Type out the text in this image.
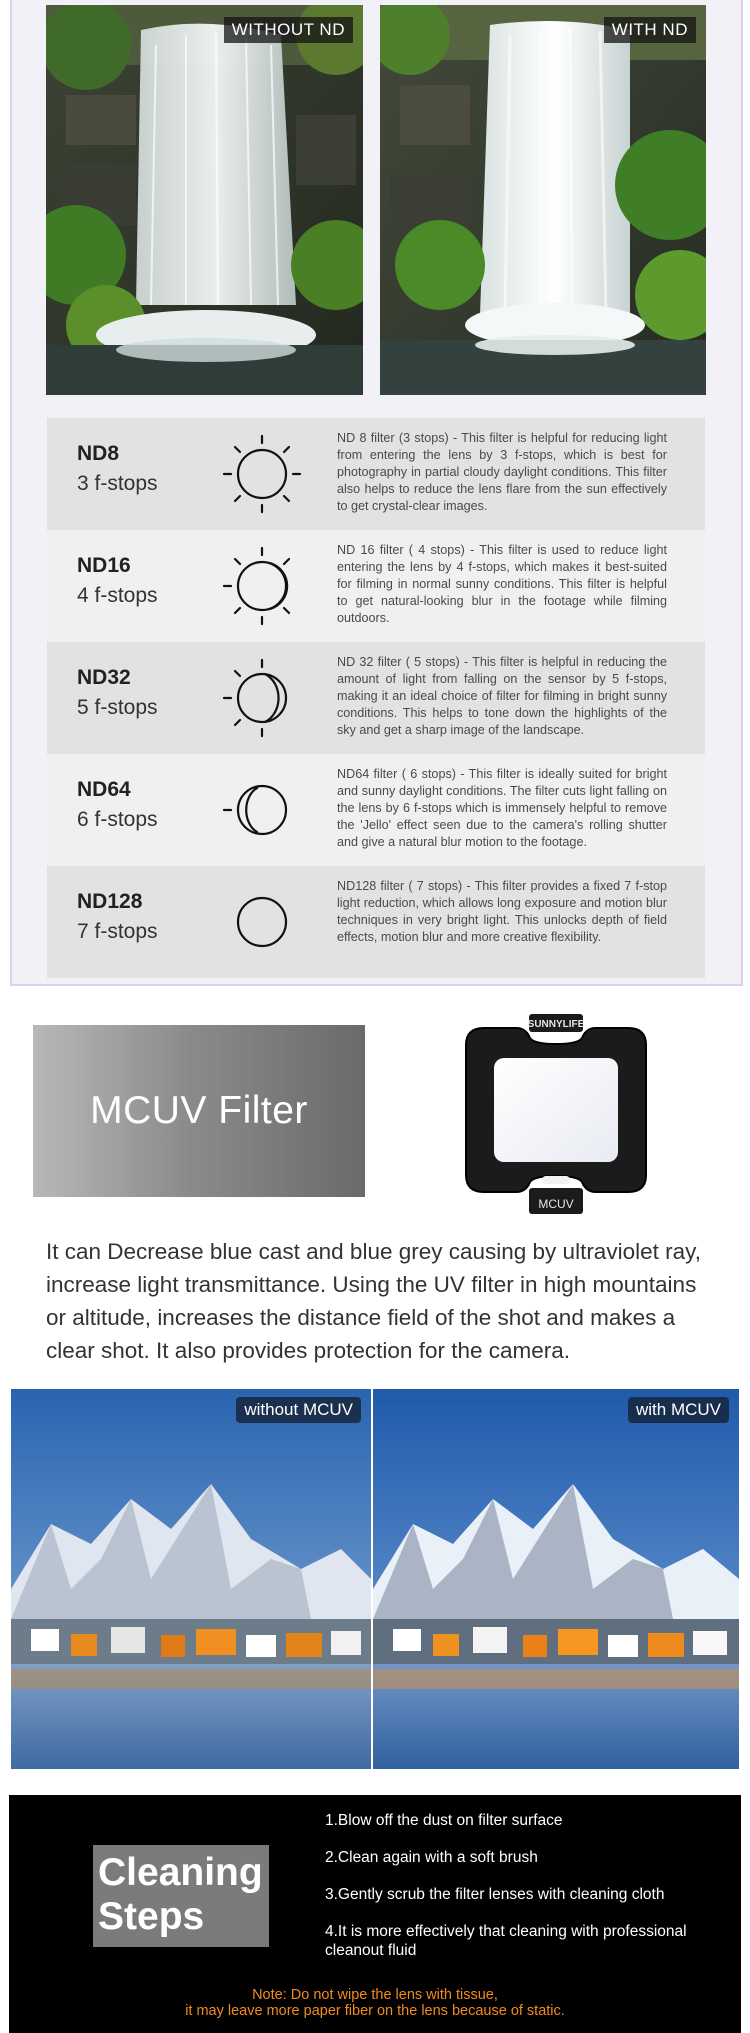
WITHOUT ND	WITH ND
ND8
3 f-stops
ND 8 filter (3 stops) - This filter is helpful for reducing light from entering the lens by 3 f-stops, which is best for photography in partial cloudy daylight conditions. This filter also helps to reduce the lens flare from the sun effectively to get crystal-clear images.
ND16
4 f-stops
ND 16 filter ( 4 stops) - This filter is used to reduce light entering the lens by 4 f-stops, which makes it best-suited for filming in normal sunny conditions. This filter is helpful to get natural-looking blur in the footage while filming outdoors.
ND32
5 f-stops
ND 32 filter ( 5 stops) - This filter is helpful in reducing the amount of light from falling on the sensor by 5 f-stops, making it an ideal choice of filter for filming in bright sunny conditions. This helps to tone down the highlights of the sky and get a sharp image of the landscape.
ND64
6 f-stops
ND64 filter ( 6 stops) - This filter is ideally suited for bright and sunny daylight conditions. The filter cuts light falling on the lens by 6 f-stops which is immensely helpful to remove the 'Jello' effect seen due to the camera's rolling shutter and give a natural blur motion to the footage.
ND128
7 f-stops
ND128 filter ( 7 stops) - This filter provides a fixed 7 f-stop light reduction, which allows long exposure and motion blur techniques in very bright light. This unlocks depth of field effects, motion blur and more creative flexibility.
MCUV Filter
SUNNYLIFE
MCUV
It can Decrease blue cast and blue grey causing by ultraviolet ray, increase light transmittance. Using the UV filter in high mountains or altitude, increases the distance field of the shot and makes a clear shot. It also provides protection for the camera.
without MCUV	with MCUV
Cleaning
Steps
1.Blow off the dust on filter surface
2.Clean again with a soft brush
3.Gently scrub the filter lenses with cleaning cloth
4.It is more effectively that cleaning with professional cleanout fluid
Note: Do not wipe the lens with tissue,
it may leave more paper fiber on the lens because of static.
